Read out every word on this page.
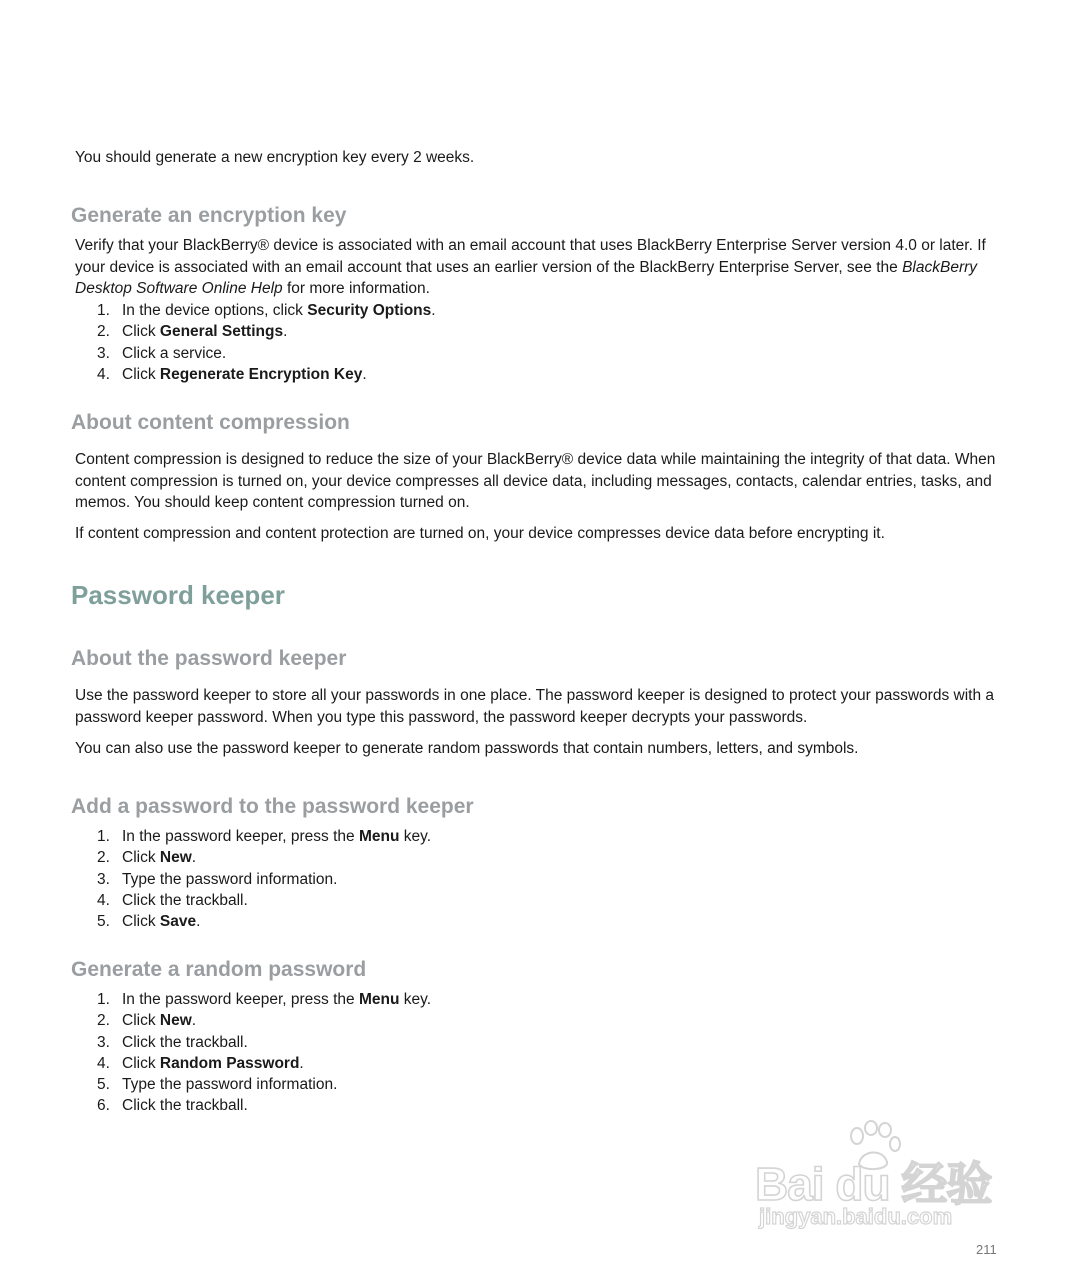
You should generate a new encryption key every 2 weeks.

Generate an encryption key

Verify that your BlackBerry® device is associated with an email account that uses BlackBerry Enterprise Server version 4.0 or later. If your device is associated with an email account that uses an earlier version of the BlackBerry Enterprise Server, see the BlackBerry Desktop Software Online Help for more information.

1. In the device options, click Security Options.
2. Click General Settings.
3. Click a service.
4. Click Regenerate Encryption Key.
About content compression

Content compression is designed to reduce the size of your BlackBerry® device data while maintaining the integrity of that data. When content compression is turned on, your device compresses all device data, including messages, contacts, calendar entries, tasks, and memos. You should keep content compression turned on.

If content compression and content protection are turned on, your device compresses device data before encrypting it.

Password keeper
About the password keeper

Use the password keeper to store all your passwords in one place. The password keeper is designed to protect your passwords with a password keeper password. When you type this password, the password keeper decrypts your passwords.

You can also use the password keeper to generate random passwords that contain numbers, letters, and symbols.

Add a password to the password keeper
1. In the password keeper, press the Menu key.
2. Click New.
3. Type the password information.
4. Click the trackball.
5. Click Save.
Generate a random password
1. In the password keeper, press the Menu key.
2. Click New.
3. Click the trackball.
4. Click Random Password.
5. Type the password information.
6. Click the trackball.
Bai du 经验
jingyan.baidu.com
211
